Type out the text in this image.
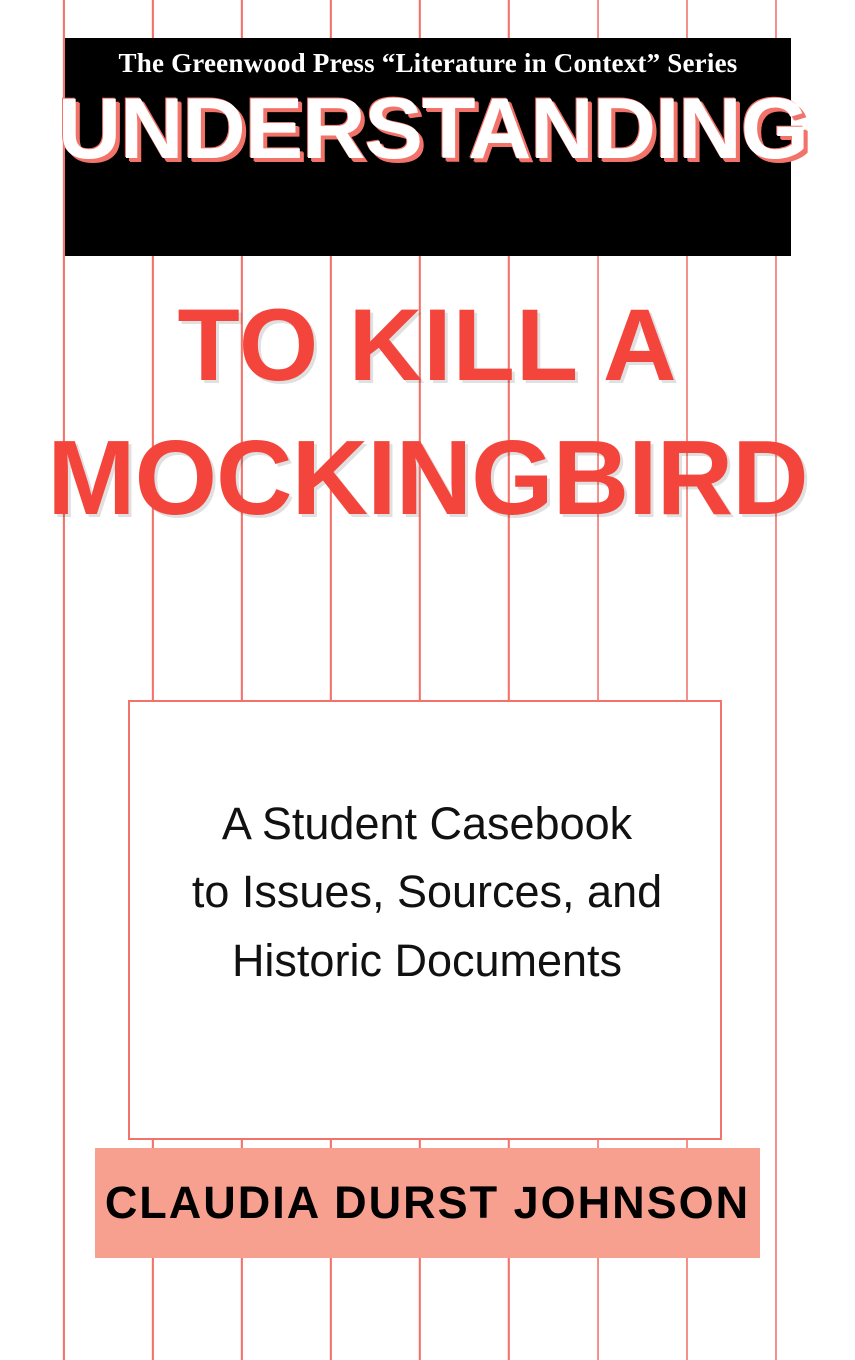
The Greenwood Press “Literature in Context” Series
UNDERSTANDING
TO KILL A
MOCKINGBIRD
A Student Casebook
to Issues, Sources, and
Historic Documents
CLAUDIA DURST JOHNSON
